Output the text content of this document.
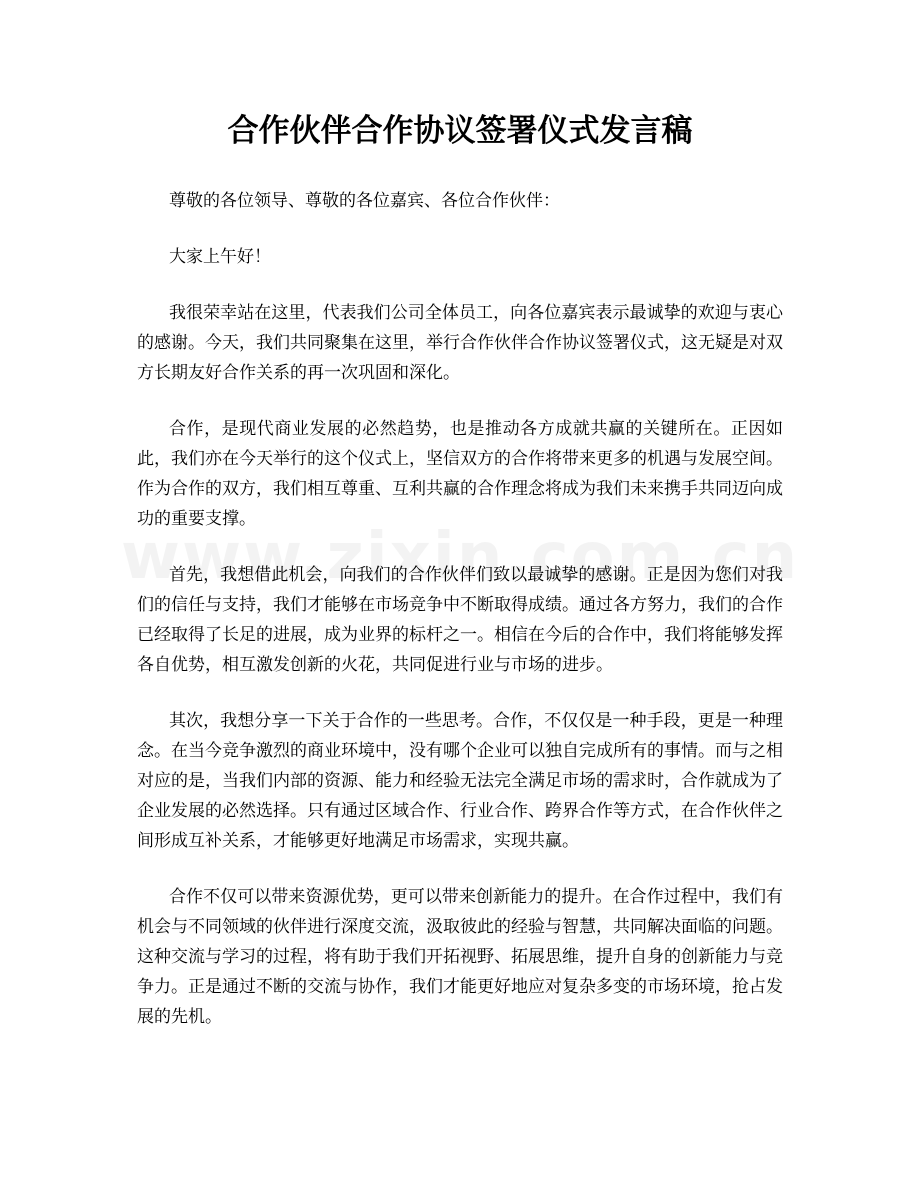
合作伙伴合作协议签署仪式发言稿

尊敬的各位领导、尊敬的各位嘉宾、各位合作伙伴：

大家上午好！

我很荣幸站在这里，代表我们公司全体员工，向各位嘉宾表示最诚挚的欢迎与衷心的感谢。今天，我们共同聚集在这里，举行合作伙伴合作协议签署仪式，这无疑是对双方长期友好合作关系的再一次巩固和深化。

合作，是现代商业发展的必然趋势，也是推动各方成就共赢的关键所在。正因如此，我们亦在今天举行的这个仪式上，坚信双方的合作将带来更多的机遇与发展空间。作为合作的双方，我们相互尊重、互利共赢的合作理念将成为我们未来携手共同迈向成功的重要支撑。

首先，我想借此机会，向我们的合作伙伴们致以最诚挚的感谢。正是因为您们对我们的信任与支持，我们才能够在市场竞争中不断取得成绩。通过各方努力，我们的合作已经取得了长足的进展，成为业界的标杆之一。相信在今后的合作中，我们将能够发挥各自优势，相互激发创新的火花，共同促进行业与市场的进步。

其次，我想分享一下关于合作的一些思考。合作，不仅仅是一种手段，更是一种理念。在当今竞争激烈的商业环境中，没有哪个企业可以独自完成所有的事情。而与之相对应的是，当我们内部的资源、能力和经验无法完全满足市场的需求时，合作就成为了企业发展的必然选择。只有通过区域合作、行业合作、跨界合作等方式，在合作伙伴之间形成互补关系，才能够更好地满足市场需求，实现共赢。

合作不仅可以带来资源优势，更可以带来创新能力的提升。在合作过程中，我们有机会与不同领域的伙伴进行深度交流，汲取彼此的经验与智慧，共同解决面临的问题。这种交流与学习的过程，将有助于我们开拓视野、拓展思维，提升自身的创新能力与竞争力。正是通过不断的交流与协作，我们才能更好地应对复杂多变的市场环境，抢占发展的先机。
